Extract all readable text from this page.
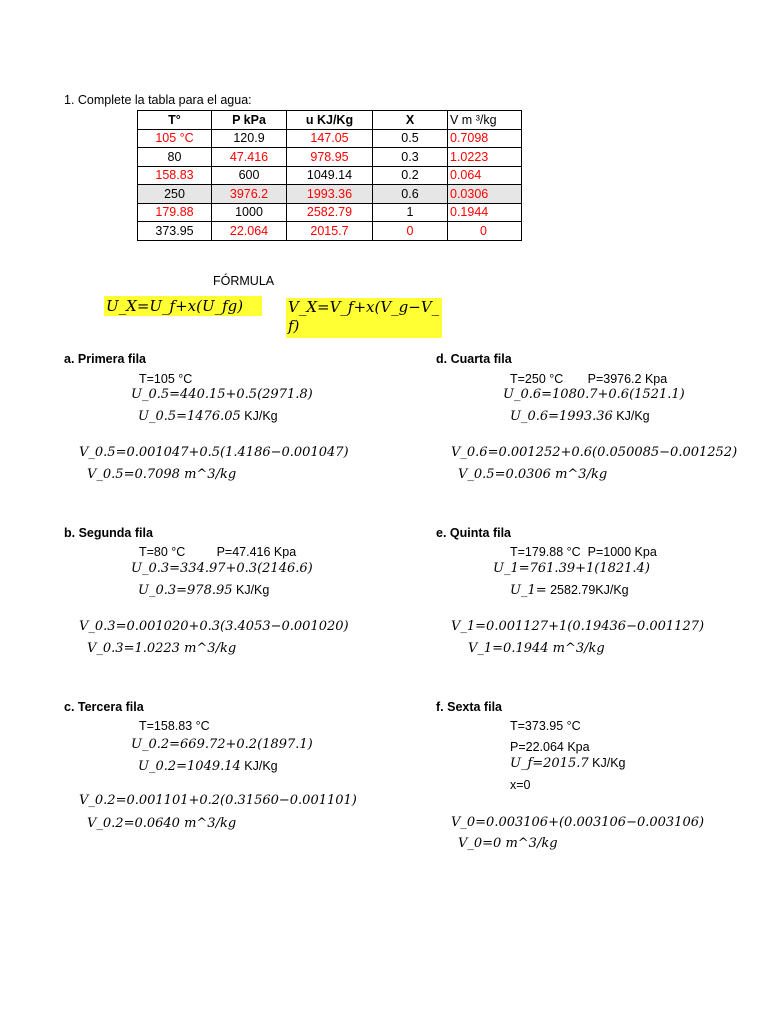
1. Complete la tabla para el agua:
T°	P kPa	u KJ/Kg	X	V m ³/kg
105 °C	120.9	147.05	0.5	0.7098
80	47.416	978.95	0.3	1.0223
158.83	600	1049.14	0.2	0.064
250	3976.2	1993.36	0.6	0.0306
179.88	1000	2582.79	1	0.1944
373.95	22.064	2015.7	0	0
FÓRMULA
U_X=U_f+x(U_fg)	V_X=V_f+x(V_g−V_
f)
a. Primera fila
T=105 °C
U_0.5=440.15+0.5(2971.8)
U_0.5=1476.05 KJ/Kg
V_0.5=0.001047+0.5(1.4186−0.001047)
V_0.5=0.7098 m^3/kg
b. Segunda fila
T=80 °C         P=47.416 Kpa
U_0.3=334.97+0.3(2146.6)
U_0.3=978.95 KJ/Kg
V_0.3=0.001020+0.3(3.4053−0.001020)
V_0.3=1.0223 m^3/kg
c. Tercera fila
T=158.83 °C
U_0.2=669.72+0.2(1897.1)
U_0.2=1049.14 KJ/Kg
V_0.2=0.001101+0.2(0.31560−0.001101)
V_0.2=0.0640 m^3/kg
d. Cuarta fila
T=250 °C       P=3976.2 Kpa
U_0.6=1080.7+0.6(1521.1)
U_0.6=1993.36 KJ/Kg
V_0.6=0.001252+0.6(0.050085−0.001252)
V_0.5=0.0306 m^3/kg
e. Quinta fila
T=179.88 °C  P=1000 Kpa
U_1=761.39+1(1821.4)
U_1= 2582.79KJ/Kg
V_1=0.001127+1(0.19436−0.001127)
V_1=0.1944 m^3/kg
f. Sexta fila
T=373.95 °C
P=22.064 Kpa
U_f=2015.7 KJ/Kg
x=0
V_0=0.003106+(0.003106−0.003106)
V_0=0 m^3/kg
